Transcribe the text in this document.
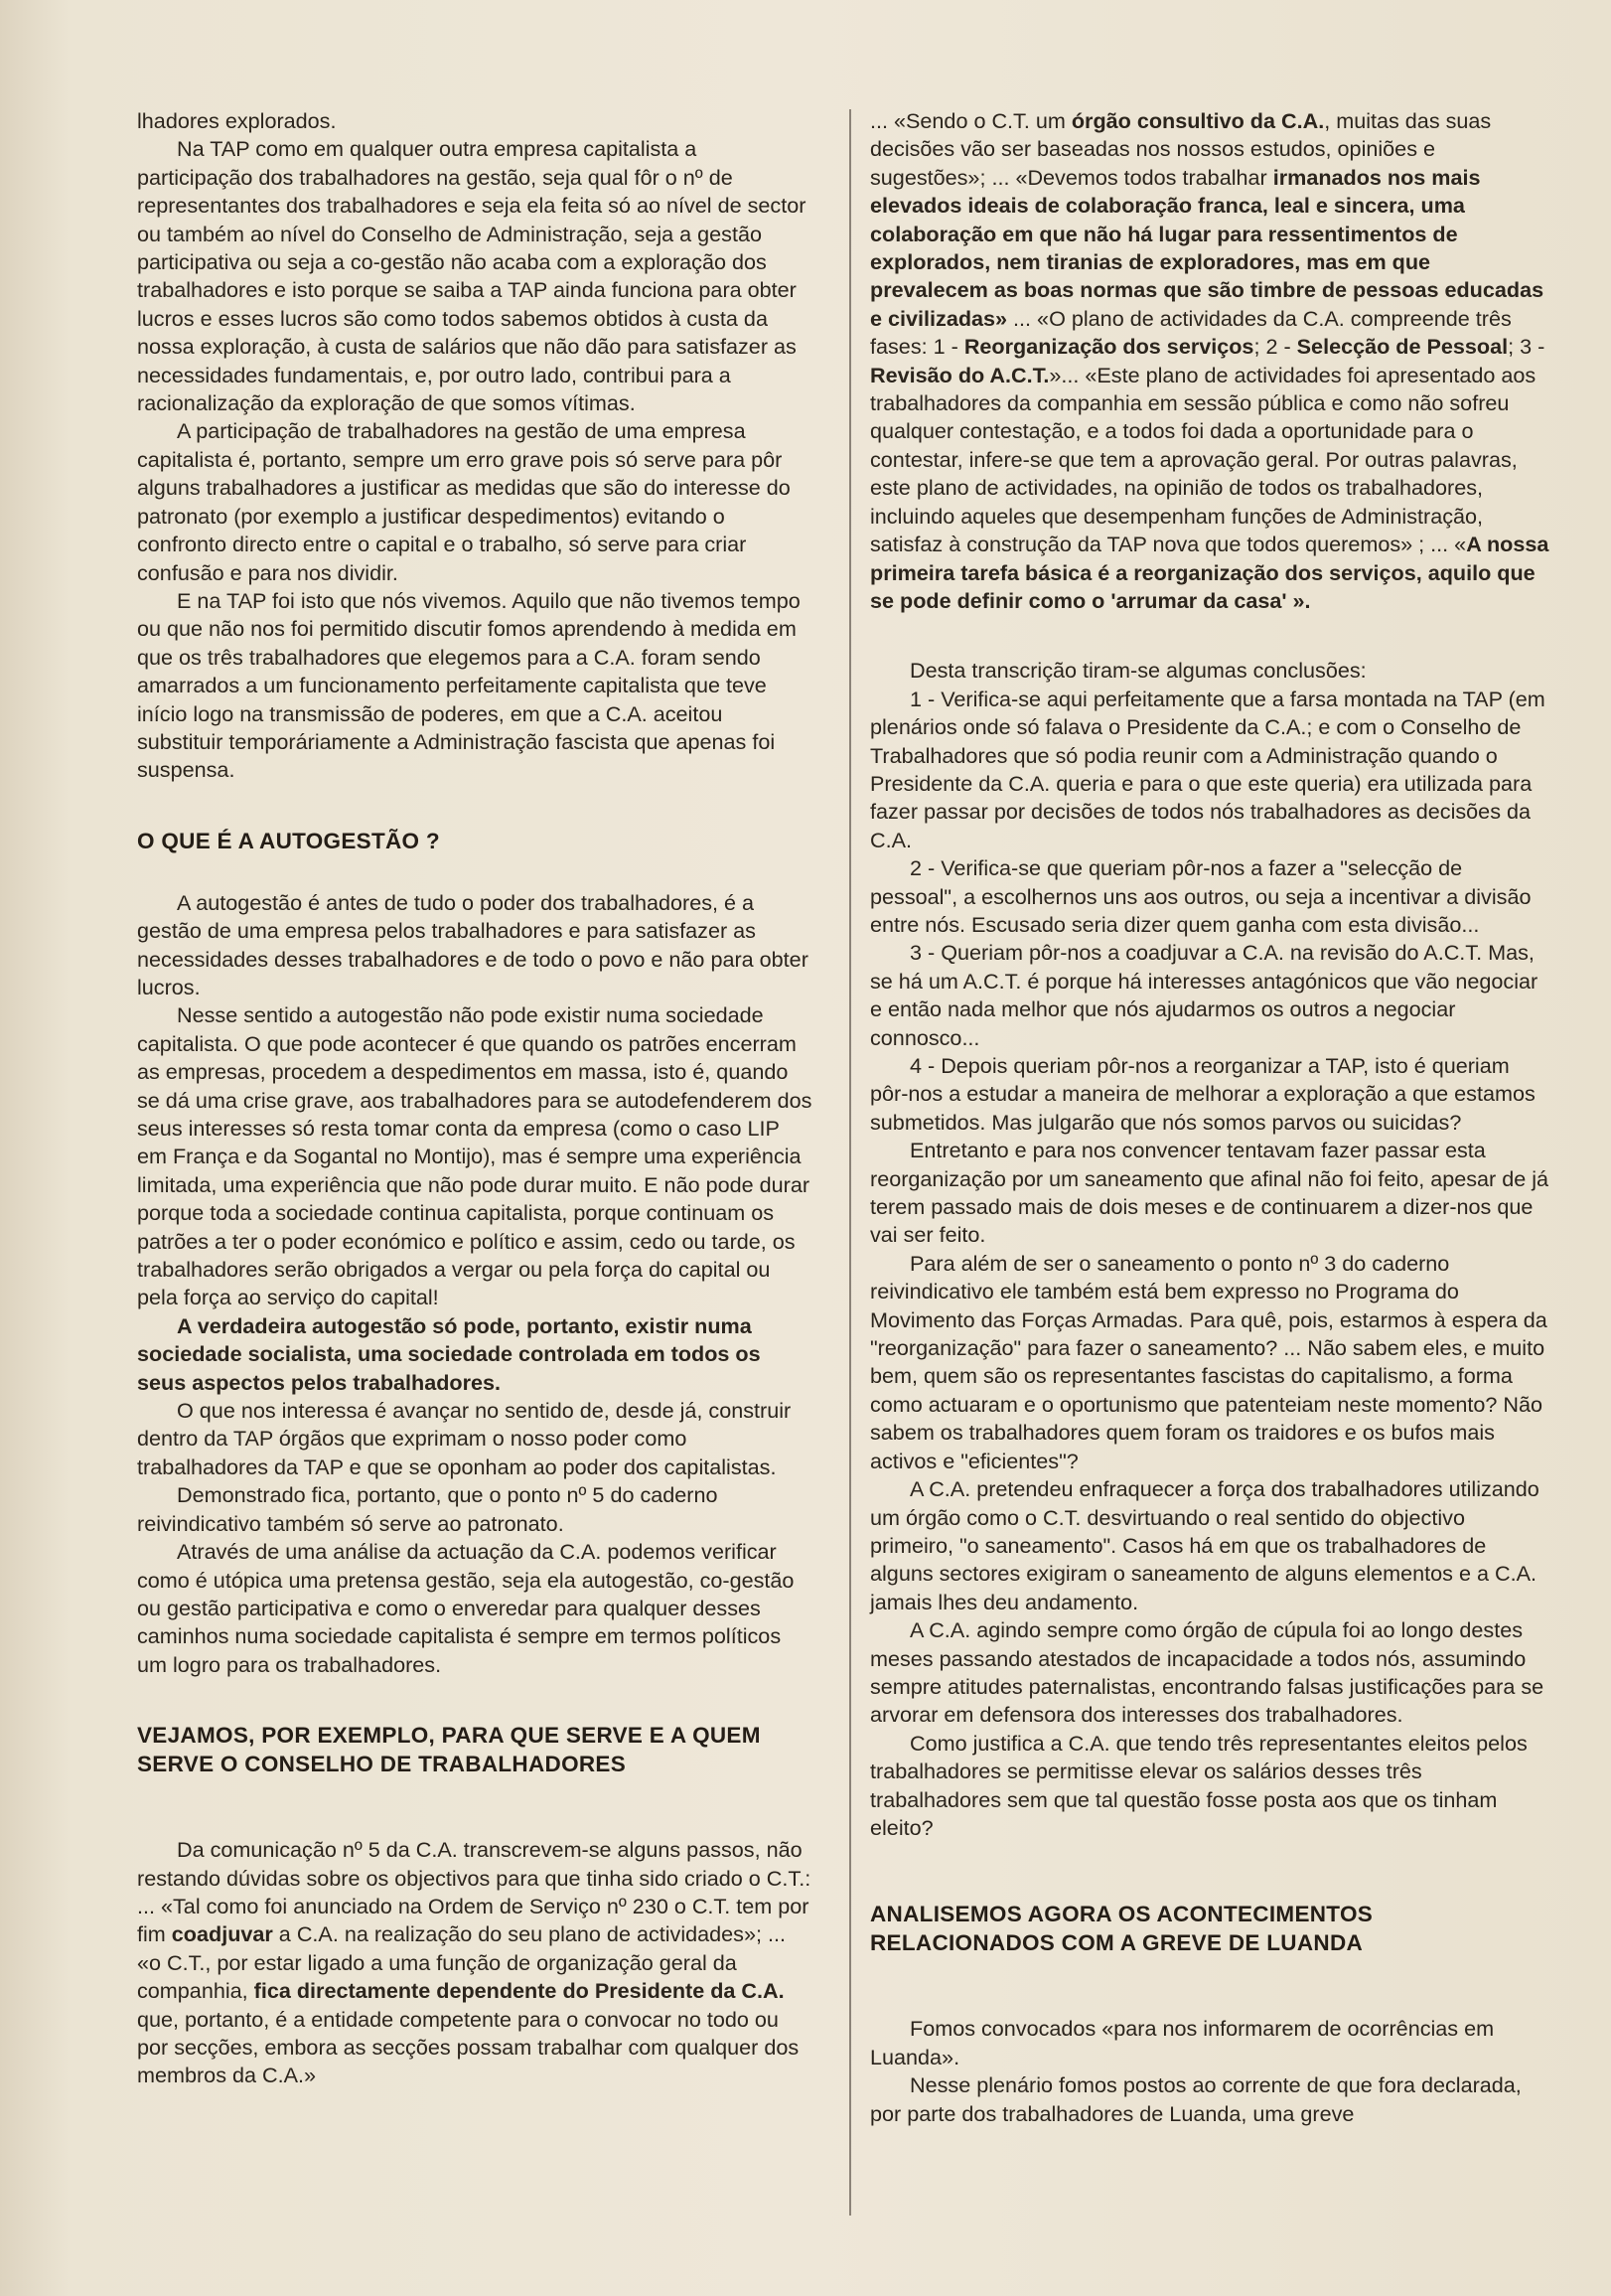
lhadores explorados.

Na TAP como em qualquer outra empresa capitalista a participação dos trabalhadores na gestão, seja qual fôr o nº de representantes dos trabalhadores e seja ela feita só ao nível de sector ou também ao nível do Conselho de Administração, seja a gestão participativa ou seja a co-gestão não acaba com a exploração dos trabalhadores e isto porque se saiba a TAP ainda funciona para obter lucros e esses lucros são como todos sabemos obtidos à custa da nossa exploração, à custa de salários que não dão para satisfazer as necessidades fundamentais, e, por outro lado, contribui para a racionalização da exploração de que somos vítimas.

A participação de trabalhadores na gestão de uma empresa capitalista é, portanto, sempre um erro grave pois só serve para pôr alguns trabalhadores a justificar as medidas que são do interesse do patronato (por exemplo a justificar despedimentos) evitando o confronto directo entre o capital e o trabalho, só serve para criar confusão e para nos dividir.

E na TAP foi isto que nós vivemos. Aquilo que não tivemos tempo ou que não nos foi permitido discutir fomos aprendendo à medida em que os três trabalhadores que elegemos para a C.A. foram sendo amarrados a um funcionamento perfeitamente capitalista que teve início logo na transmissão de poderes, em que a C.A. aceitou substituir temporáriamente a Administração fascista que apenas foi suspensa.

O QUE É A AUTOGESTÃO ?

A autogestão é antes de tudo o poder dos trabalhadores, é a gestão de uma empresa pelos trabalhadores e para satisfazer as necessidades desses trabalhadores e de todo o povo e não para obter lucros.

Nesse sentido a autogestão não pode existir numa sociedade capitalista. O que pode acontecer é que quando os patrões encerram as empresas, procedem a despedimentos em massa, isto é, quando se dá uma crise grave, aos trabalhadores para se autodefenderem dos seus interesses só resta tomar conta da empresa (como o caso LIP em França e da Sogantal no Montijo), mas é sempre uma experiência limitada, uma experiência que não pode durar muito. E não pode durar porque toda a sociedade continua capitalista, porque continuam os patrões a ter o poder económico e político e assim, cedo ou tarde, os trabalhadores serão obrigados a vergar ou pela força do capital ou pela força ao serviço do capital!

A verdadeira autogestão só pode, portanto, existir numa sociedade socialista, uma sociedade controlada em todos os seus aspectos pelos trabalhadores.

O que nos interessa é avançar no sentido de, desde já, construir dentro da TAP órgãos que exprimam o nosso poder como trabalhadores da TAP e que se oponham ao poder dos capitalistas.

Demonstrado fica, portanto, que o ponto nº 5 do caderno reivindicativo também só serve ao patronato.

Através de uma análise da actuação da C.A. podemos verificar como é utópica uma pretensa gestão, seja ela autogestão, co-gestão ou gestão participativa e como o enveredar para qualquer desses caminhos numa sociedade capitalista é sempre em termos políticos um logro para os trabalhadores.

VEJAMOS, POR EXEMPLO, PARA QUE SERVE E A QUEM SERVE O CONSELHO DE TRABALHADORES

Da comunicação nº 5 da C.A. transcrevem-se alguns passos, não restando dúvidas sobre os objectivos para que tinha sido criado o C.T.:

... «Tal como foi anunciado na Ordem de Serviço nº 230 o C.T. tem por fim coadjuvar a C.A. na realização do seu plano de actividades»; ... «o C.T., por estar ligado a uma função de organização geral da companhia, fica directamente dependente do Presidente da C.A. que, portanto, é a entidade competente para o convocar no todo ou por secções, embora as secções possam trabalhar com qualquer dos membros da C.A.»

... «Sendo o C.T. um órgão consultivo da C.A., muitas das suas decisões vão ser baseadas nos nossos estudos, opiniões e sugestões»; ... «Devemos todos trabalhar irmanados nos mais elevados ideais de colaboração franca, leal e sincera, uma colaboração em que não há lugar para ressentimentos de explorados, nem tiranias de exploradores, mas em que prevalecem as boas normas que são timbre de pessoas educadas e civilizadas» ... «O plano de actividades da C.A. compreende três fases: 1 - Reorganização dos serviços; 2 - Selecção de Pessoal; 3 - Revisão do A.C.T.»... «Este plano de actividades foi apresentado aos trabalhadores da companhia em sessão pública e como não sofreu qualquer contestação, e a todos foi dada a oportunidade para o contestar, infere-se que tem a aprovação geral. Por outras palavras, este plano de actividades, na opinião de todos os trabalhadores, incluindo aqueles que desempenham funções de Administração, satisfaz à construção da TAP nova que todos queremos» ; ... «A nossa primeira tarefa básica é a reorganização dos serviços, aquilo que se pode definir como o 'arrumar da casa' ».

Desta transcrição tiram-se algumas conclusões:

1 - Verifica-se aqui perfeitamente que a farsa montada na TAP (em plenários onde só falava o Presidente da C.A.; e com o Conselho de Trabalhadores que só podia reunir com a Administração quando o Presidente da C.A. queria e para o que este queria) era utilizada para fazer passar por decisões de todos nós trabalhadores as decisões da C.A.

2 - Verifica-se que queriam pôr-nos a fazer a "selecção de pessoal", a escolhernos uns aos outros, ou seja a incentivar a divisão entre nós. Escusado seria dizer quem ganha com esta divisão...

3 - Queriam pôr-nos a coadjuvar a C.A. na revisão do A.C.T. Mas, se há um A.C.T. é porque há interesses antagónicos que vão negociar e então nada melhor que nós ajudarmos os outros a negociar connosco...

4 - Depois queriam pôr-nos a reorganizar a TAP, isto é queriam pôr-nos a estudar a maneira de melhorar a exploração a que estamos submetidos. Mas julgarão que nós somos parvos ou suicidas?

Entretanto e para nos convencer tentavam fazer passar esta reorganização por um saneamento que afinal não foi feito, apesar de já terem passado mais de dois meses e de continuarem a dizer-nos que vai ser feito.

Para além de ser o saneamento o ponto nº 3 do caderno reivindicativo ele também está bem expresso no Programa do Movimento das Forças Armadas. Para quê, pois, estarmos à espera da "reorganização" para fazer o saneamento? ... Não sabem eles, e muito bem, quem são os representantes fascistas do capitalismo, a forma como actuaram e o oportunismo que patenteiam neste momento? Não sabem os trabalhadores quem foram os traidores e os bufos mais activos e "eficientes"?

A C.A. pretendeu enfraquecer a força dos trabalhadores utilizando um órgão como o C.T. desvirtuando o real sentido do objectivo primeiro, "o saneamento". Casos há em que os trabalhadores de alguns sectores exigiram o saneamento de alguns elementos e a C.A. jamais lhes deu andamento.

A C.A. agindo sempre como órgão de cúpula foi ao longo destes meses passando atestados de incapacidade a todos nós, assumindo sempre atitudes paternalistas, encontrando falsas justificações para se arvorar em defensora dos interesses dos trabalhadores.

Como justifica a C.A. que tendo três representantes eleitos pelos trabalhadores se permitisse elevar os salários desses três trabalhadores sem que tal questão fosse posta aos que os tinham eleito?

ANALISEMOS AGORA OS ACONTECIMENTOS RELACIONADOS COM A GREVE DE LUANDA

Fomos convocados «para nos informarem de ocorrências em Luanda».

Nesse plenário fomos postos ao corrente de que fora declarada, por parte dos trabalhadores de Luanda, uma greve
